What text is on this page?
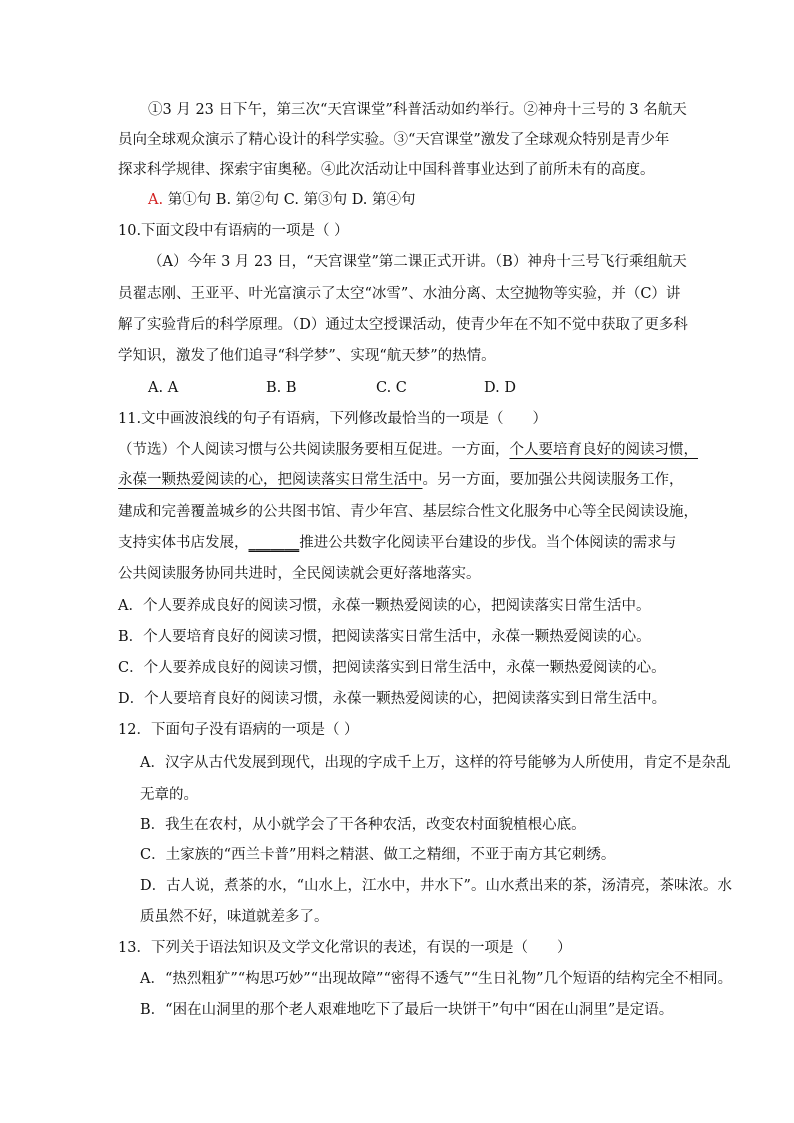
①3 月 23 日下午，第三次“天宫课堂”科普活动如约举行。②神舟十三号的 3 名航天
员向全球观众演示了精心设计的科学实验。③“天宫课堂”激发了全球观众特别是青少年
探求科学规律、探索宇宙奥秘。④此次活动让中国科普事业达到了前所未有的高度。
A. 第①句 B. 第②句 C. 第③句 D. 第④句
10.下面文段中有语病的一项是（ ）
（A）今年 3 月 23 日，“天宫课堂”第二课正式开讲。（B）神舟十三号飞行乘组航天
员翟志刚、王亚平、叶光富演示了太空“冰雪”、水油分离、太空抛物等实验，并（C）讲
解了实验背后的科学原理。（D）通过太空授课活动，使青少年在不知不觉中获取了更多科
学知识，激发了他们追寻“科学梦”、实现“航天梦”的热情。
A. A	B. B	C. C	D. D
11.文中画波浪线的句子有语病，下列修改最恰当的一项是（　　）
（节选）个人阅读习惯与公共阅读服务要相互促进。一方面，个人要培育良好的阅读习惯，
永葆一颗热爱阅读的心，把阅读落实日常生活中。另一方面，要加强公共阅读服务工作，
建成和完善覆盖城乡的公共图书馆、青少年宫、基层综合性文化服务中心等全民阅读设施，
支持实体书店发展，_______推进公共数字化阅读平台建设的步伐。当个体阅读的需求与
公共阅读服务协同共进时，全民阅读就会更好落地落实。
A．个人要养成良好的阅读习惯，永葆一颗热爱阅读的心，把阅读落实日常生活中。
B．个人要培育良好的阅读习惯，把阅读落实日常生活中，永葆一颗热爱阅读的心。
C．个人要养成良好的阅读习惯，把阅读落实到日常生活中，永葆一颗热爱阅读的心。
D．个人要培育良好的阅读习惯，永葆一颗热爱阅读的心，把阅读落实到日常生活中。
12．下面句子没有语病的一项是（ ）
A．汉字从古代发展到现代，出现的字成千上万，这样的符号能够为人所使用，肯定不是杂乱
无章的。
B．我生在农村，从小就学会了干各种农活，改变农村面貌植根心底。
C．土家族的“西兰卡普”用料之精湛、做工之精细，不亚于南方其它刺绣。
D．古人说，煮茶的水，“山水上，江水中，井水下”。山水煮出来的茶，汤清亮，茶味浓。水
质虽然不好，味道就差多了。
13．下列关于语法知识及文学文化常识的表述，有误的一项是（　　）
A．“热烈粗犷”“构思巧妙”“出现故障”“密得不透气”“生日礼物”几个短语的结构完全不相同。
B．“困在山洞里的那个老人艰难地吃下了最后一块饼干”句中“困在山洞里”是定语。
